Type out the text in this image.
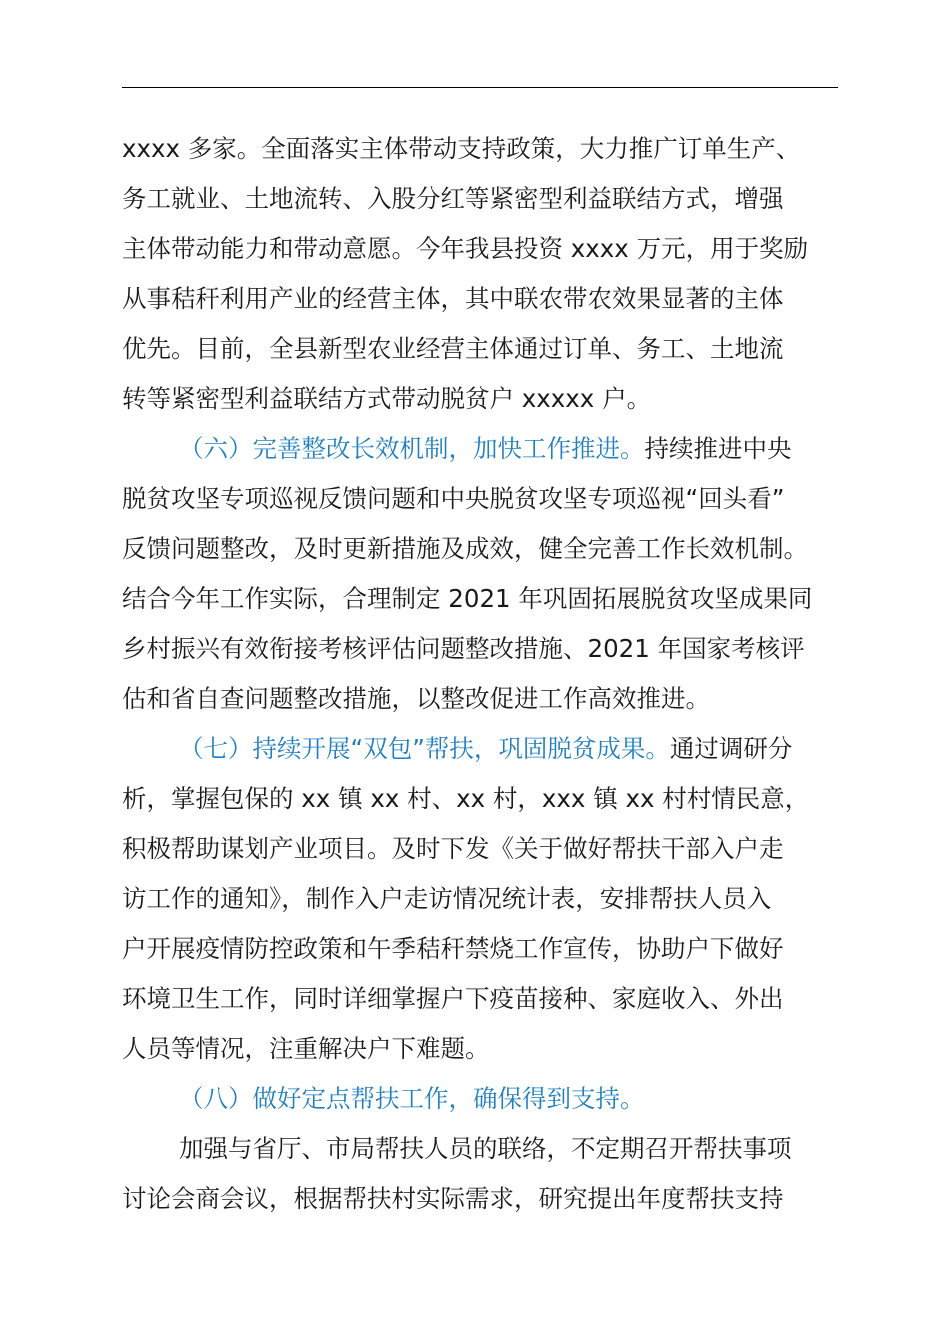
xxxx 多家。全面落实主体带动支持政策，大力推广订单生产、
务工就业、土地流转、入股分红等紧密型利益联结方式，增强
主体带动能力和带动意愿。今年我县投资 xxxx 万元，用于奖励
从事秸秆利用产业的经营主体，其中联农带农效果显著的主体
优先。目前，全县新型农业经营主体通过订单、务工、土地流
转等紧密型利益联结方式带动脱贫户 xxxxx 户。
（六）完善整改长效机制，加快工作推进。持续推进中央
脱贫攻坚专项巡视反馈问题和中央脱贫攻坚专项巡视“回头看”
反馈问题整改，及时更新措施及成效，健全完善工作长效机制。
结合今年工作实际，合理制定 2021 年巩固拓展脱贫攻坚成果同
乡村振兴有效衔接考核评估问题整改措施、2021 年国家考核评
估和省自查问题整改措施，以整改促进工作高效推进。
（七）持续开展“双包”帮扶，巩固脱贫成果。通过调研分
析，掌握包保的 xx 镇 xx 村、xx 村，xxx 镇 xx 村村情民意，
积极帮助谋划产业项目。及时下发《关于做好帮扶干部入户走
访工作的通知》，制作入户走访情况统计表，安排帮扶人员入
户开展疫情防控政策和午季秸秆禁烧工作宣传，协助户下做好
环境卫生工作，同时详细掌握户下疫苗接种、家庭收入、外出
人员等情况，注重解决户下难题。
（八）做好定点帮扶工作，确保得到支持。
加强与省厅、市局帮扶人员的联络，不定期召开帮扶事项
讨论会商会议，根据帮扶村实际需求，研究提出年度帮扶支持
